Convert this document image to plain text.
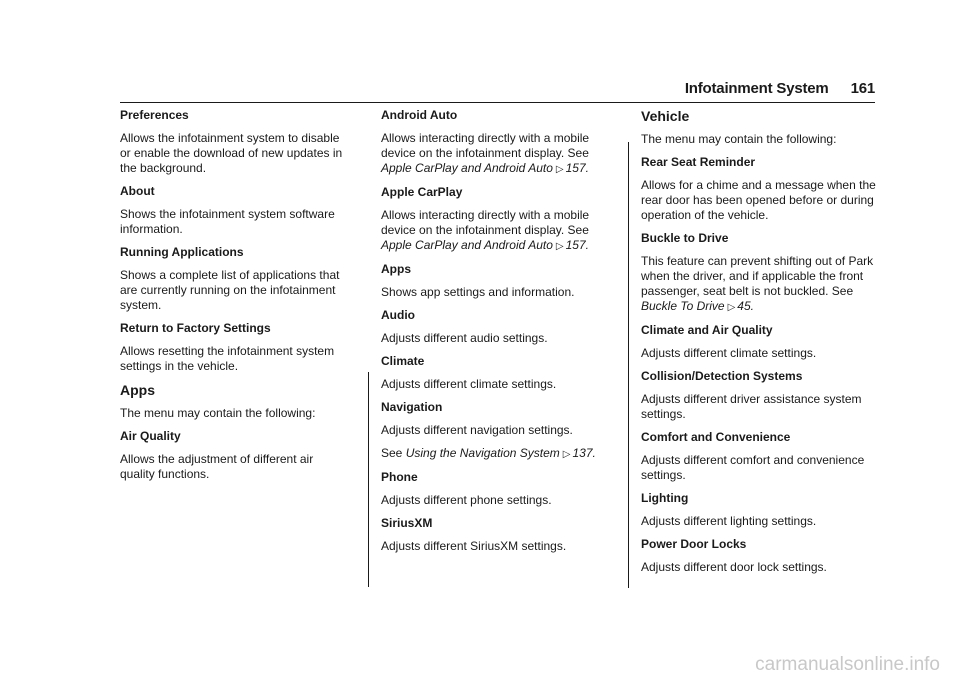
Infotainment System 161
Preferences
Allows the infotainment system to disable or enable the download of new updates in the background.
About
Shows the infotainment system software information.
Running Applications
Shows a complete list of applications that are currently running on the infotainment system.
Return to Factory Settings
Allows resetting the infotainment system settings in the vehicle.
Apps
The menu may contain the following:
Air Quality
Allows the adjustment of different air quality functions.
Android Auto
Allows interacting directly with a mobile device on the infotainment display. See Apple CarPlay and Android Auto ▷ 157.
Apple CarPlay
Allows interacting directly with a mobile device on the infotainment display. See Apple CarPlay and Android Auto ▷ 157.
Apps
Shows app settings and information.
Audio
Adjusts different audio settings.
Climate
Adjusts different climate settings.
Navigation
Adjusts different navigation settings.
See Using the Navigation System ▷ 137.
Phone
Adjusts different phone settings.
SiriusXM
Adjusts different SiriusXM settings.
Vehicle
The menu may contain the following:
Rear Seat Reminder
Allows for a chime and a message when the rear door has been opened before or during operation of the vehicle.
Buckle to Drive
This feature can prevent shifting out of Park when the driver, and if applicable the front passenger, seat belt is not buckled. See Buckle To Drive ▷ 45.
Climate and Air Quality
Adjusts different climate settings.
Collision/Detection Systems
Adjusts different driver assistance system settings.
Comfort and Convenience
Adjusts different comfort and convenience settings.
Lighting
Adjusts different lighting settings.
Power Door Locks
Adjusts different door lock settings.
carmanualsonline.info
